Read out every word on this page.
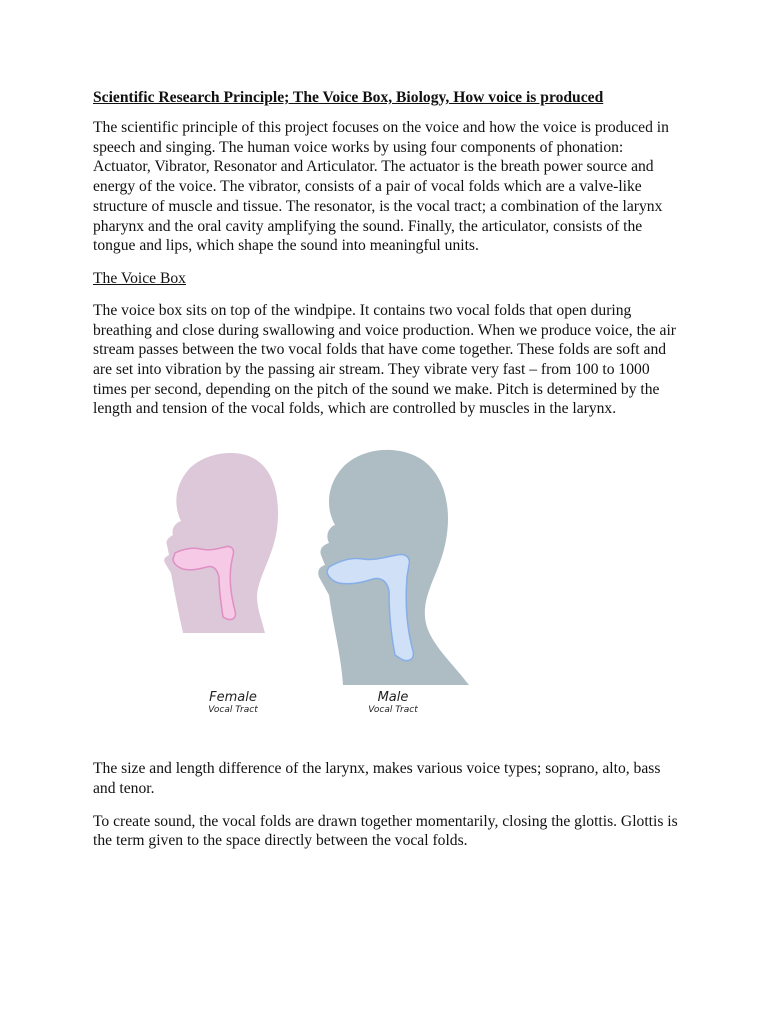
Scientific Research Principle; The Voice Box, Biology, How voice is produced

The scientific principle of this project focuses on the voice and how the voice is produced in speech and singing. The human voice works by using four components of phonation: Actuator, Vibrator, Resonator and Articulator. The actuator is the breath power source and energy of the voice. The vibrator, consists of a pair of vocal folds which are a valve-like structure of muscle and tissue. The resonator, is the vocal tract; a combination of the larynx pharynx and the oral cavity amplifying the sound. Finally, the articulator, consists of the tongue and lips, which shape the sound into meaningful units.

The Voice Box

The voice box sits on top of the windpipe. It contains two vocal folds that open during breathing and close during swallowing and voice production. When we produce voice, the air stream passes between the two vocal folds that have come together. These folds are soft and are set into vibration by the passing air stream. They vibrate very fast – from 100 to 1000 times per second, depending on the pitch of the sound we make. Pitch is determined by the length and tension of the vocal folds, which are controlled by muscles in the larynx.

Female
Vocal Tract
Male
Vocal Tract

The size and length difference of the larynx, makes various voice types; soprano, alto, bass and tenor.

To create sound, the vocal folds are drawn together momentarily, closing the glottis. Glottis is the term given to the space directly between the vocal folds.
